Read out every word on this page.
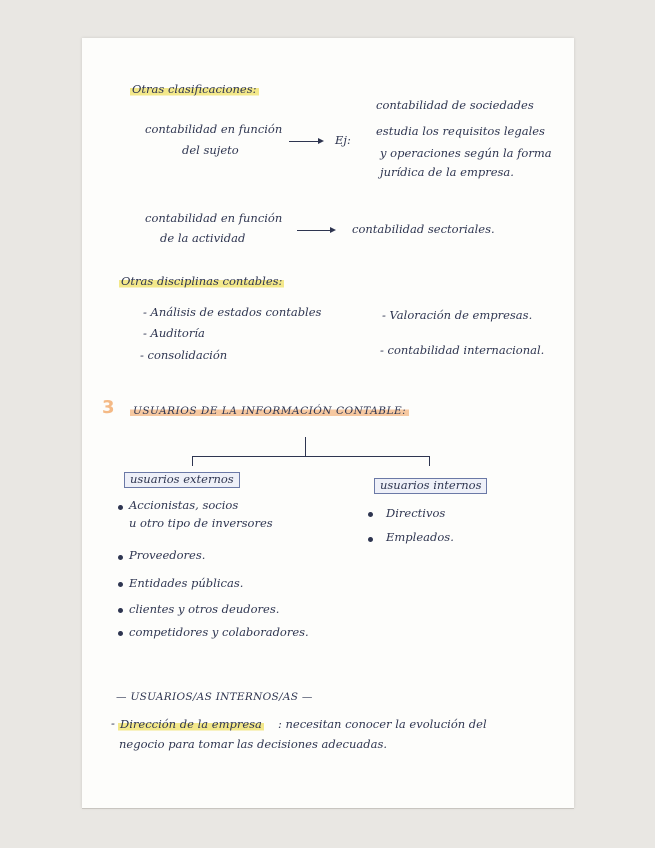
Otras clasificaciones:
contabilidad en función
del sujeto
Ej:
contabilidad de sociedades
estudia los requisitos legales
y operaciones según la forma
jurídica de la empresa.
contabilidad en función
de la actividad
contabilidad sectoriales.
Otras disciplinas contables:
- Análisis de estados contables
- Auditoría
- consolidación
- Valoración de empresas.
- contabilidad internacional.
3 USUARIOS DE LA INFORMACIÓN CONTABLE:
usuarios externos	usuarios internos
Accionistas, socios
u otro tipo de inversores
Proveedores.
Entidades públicas.
clientes y otros deudores.
competidores y colaboradores.
Directivos
Empleados.
— USUARIOS/AS INTERNOS/AS —
- Dirección de la empresa : necesitan conocer la evolución del
negocio para tomar las decisiones adecuadas.
